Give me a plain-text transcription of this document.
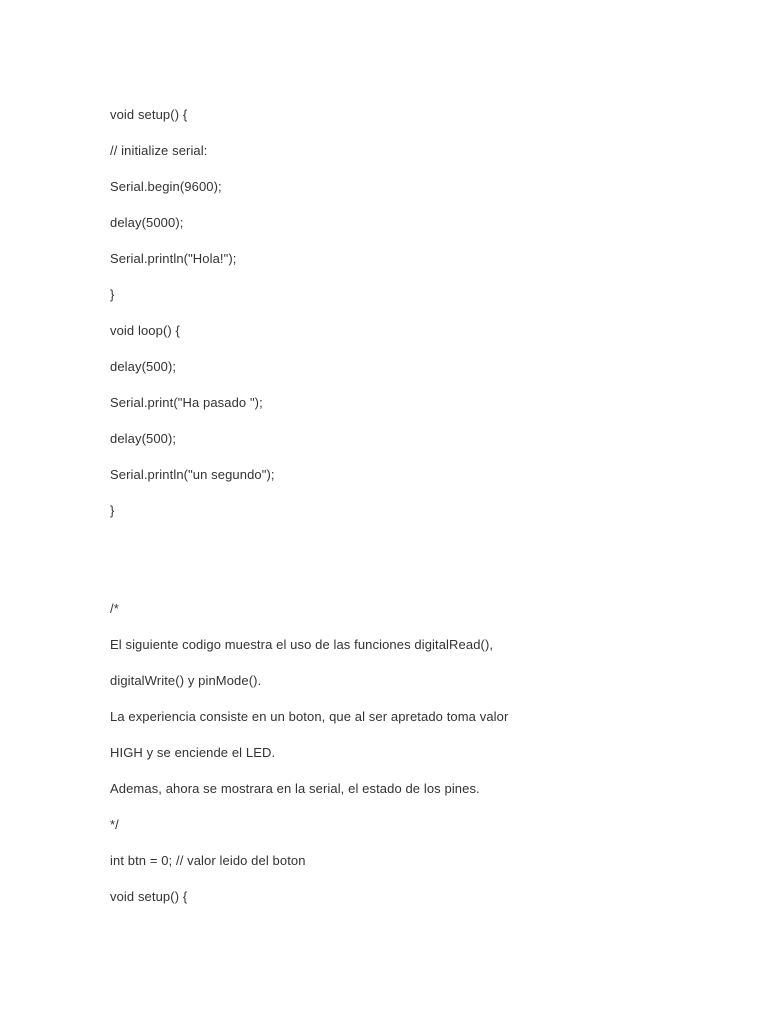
void setup() {

// initialize serial:

Serial.begin(9600);

delay(5000);

Serial.println("Hola!");

}

void loop() {

delay(500);

Serial.print("Ha pasado ");

delay(500);

Serial.println("un segundo");

}

/*

El siguiente codigo muestra el uso de las funciones digitalRead(),

digitalWrite() y pinMode().

La experiencia consiste en un boton, que al ser apretado toma valor

HIGH y se enciende el LED.

Ademas, ahora se mostrara en la serial, el estado de los pines.

*/

int btn = 0; // valor leido del boton

void setup() {
